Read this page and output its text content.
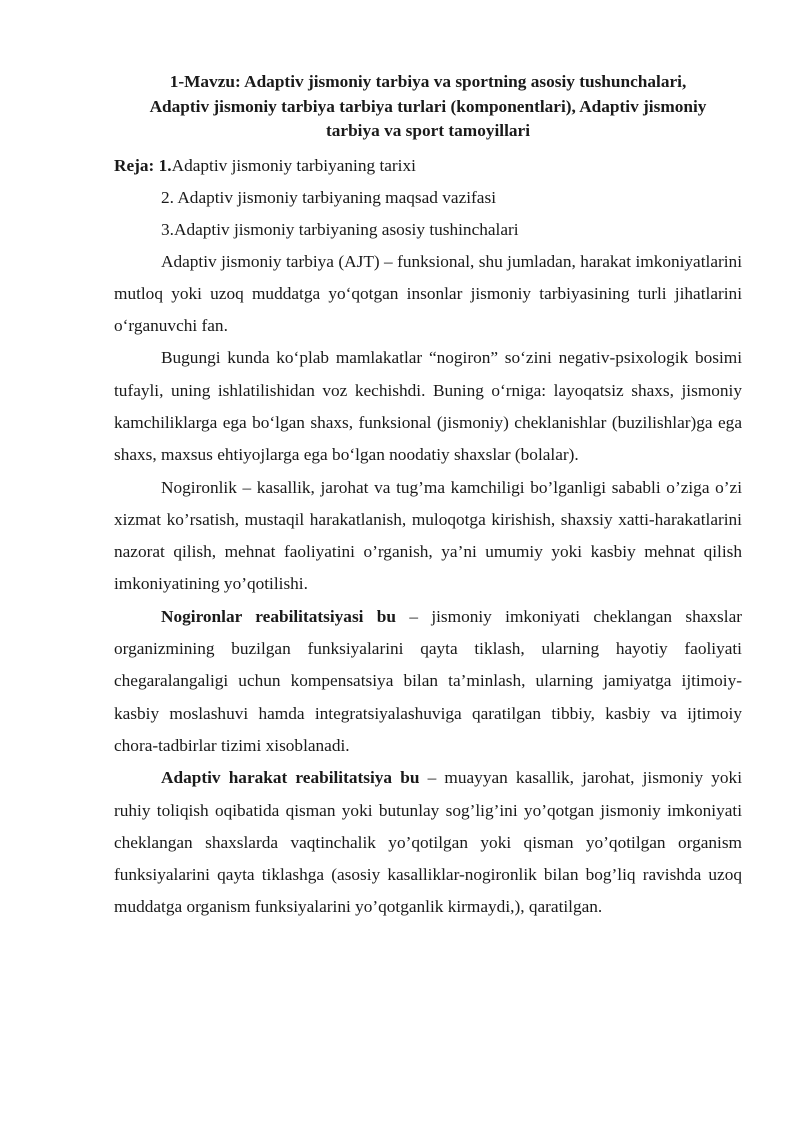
1-Mavzu: Adaptiv jismoniy tarbiya va sportning asosiy tushunchalari,
Adaptiv jismoniy tarbiya tarbiya turlari (komponentlari), Adaptiv jismoniy
tarbiya va sport tamoyillari

Reja: 1.Adaptiv jismoniy tarbiyaning tarixi

2. Adaptiv jismoniy tarbiyaning maqsad vazifasi

3.Adaptiv jismoniy tarbiyaning asosiy tushinchalari

Adaptiv jismoniy tarbiya (AJT) – funksional, shu jumladan, harakat imkoniyatlarini mutloq yoki uzoq muddatga yo‘qotgan insonlar jismoniy tarbiyasining turli jihatlarini o‘rganuvchi fan.

Bugungi kunda ko‘plab mamlakatlar “nogiron” so‘zini negativ-psixologik bosimi tufayli, uning ishlatilishidan voz kechishdi. Buning o‘rniga: layoqatsiz shaxs, jismoniy kamchiliklarga ega bo‘lgan shaxs, funksional (jismoniy) cheklanishlar (buzilishlar)ga ega shaxs, maxsus ehtiyojlarga ega bo‘lgan noodatiy shaxslar (bolalar).

Nogironlik – kasallik, jarohat va tug’ma kamchiligi bo’lganligi sababli o’ziga o’zi xizmat ko’rsatish, mustaqil harakatlanish, muloqotga kirishish, shaxsiy xatti-harakatlarini nazorat qilish, mehnat faoliyatini o’rganish, ya’ni umumiy yoki kasbiy mehnat qilish imkoniyatining yo’qotilishi.

Nogironlar reabilitatsiyasi bu – jismoniy imkoniyati cheklangan shaxslar organizmining buzilgan funksiyalarini qayta tiklash, ularning hayotiy faoliyati chegaralangaligi uchun kompensatsiya bilan ta’minlash, ularning jamiyatga ijtimoiy-kasbiy moslashuvi hamda integratsiyalashuviga qaratilgan tibbiy, kasbiy va ijtimoiy chora-tadbirlar tizimi xisoblanadi.

Adaptiv harakat reabilitatsiya bu – muayyan kasallik, jarohat, jismoniy yoki ruhiy toliqish oqibatida qisman yoki butunlay sog’lig’ini yo’qotgan jismoniy imkoniyati cheklangan shaxslarda vaqtinchalik yo’qotilgan yoki qisman yo’qotilgan organism funksiyalarini qayta tiklashga (asosiy kasalliklar-nogironlik bilan bog’liq ravishda uzoq muddatga organism funksiyalarini yo’qotganlik kirmaydi,), qaratilgan.
